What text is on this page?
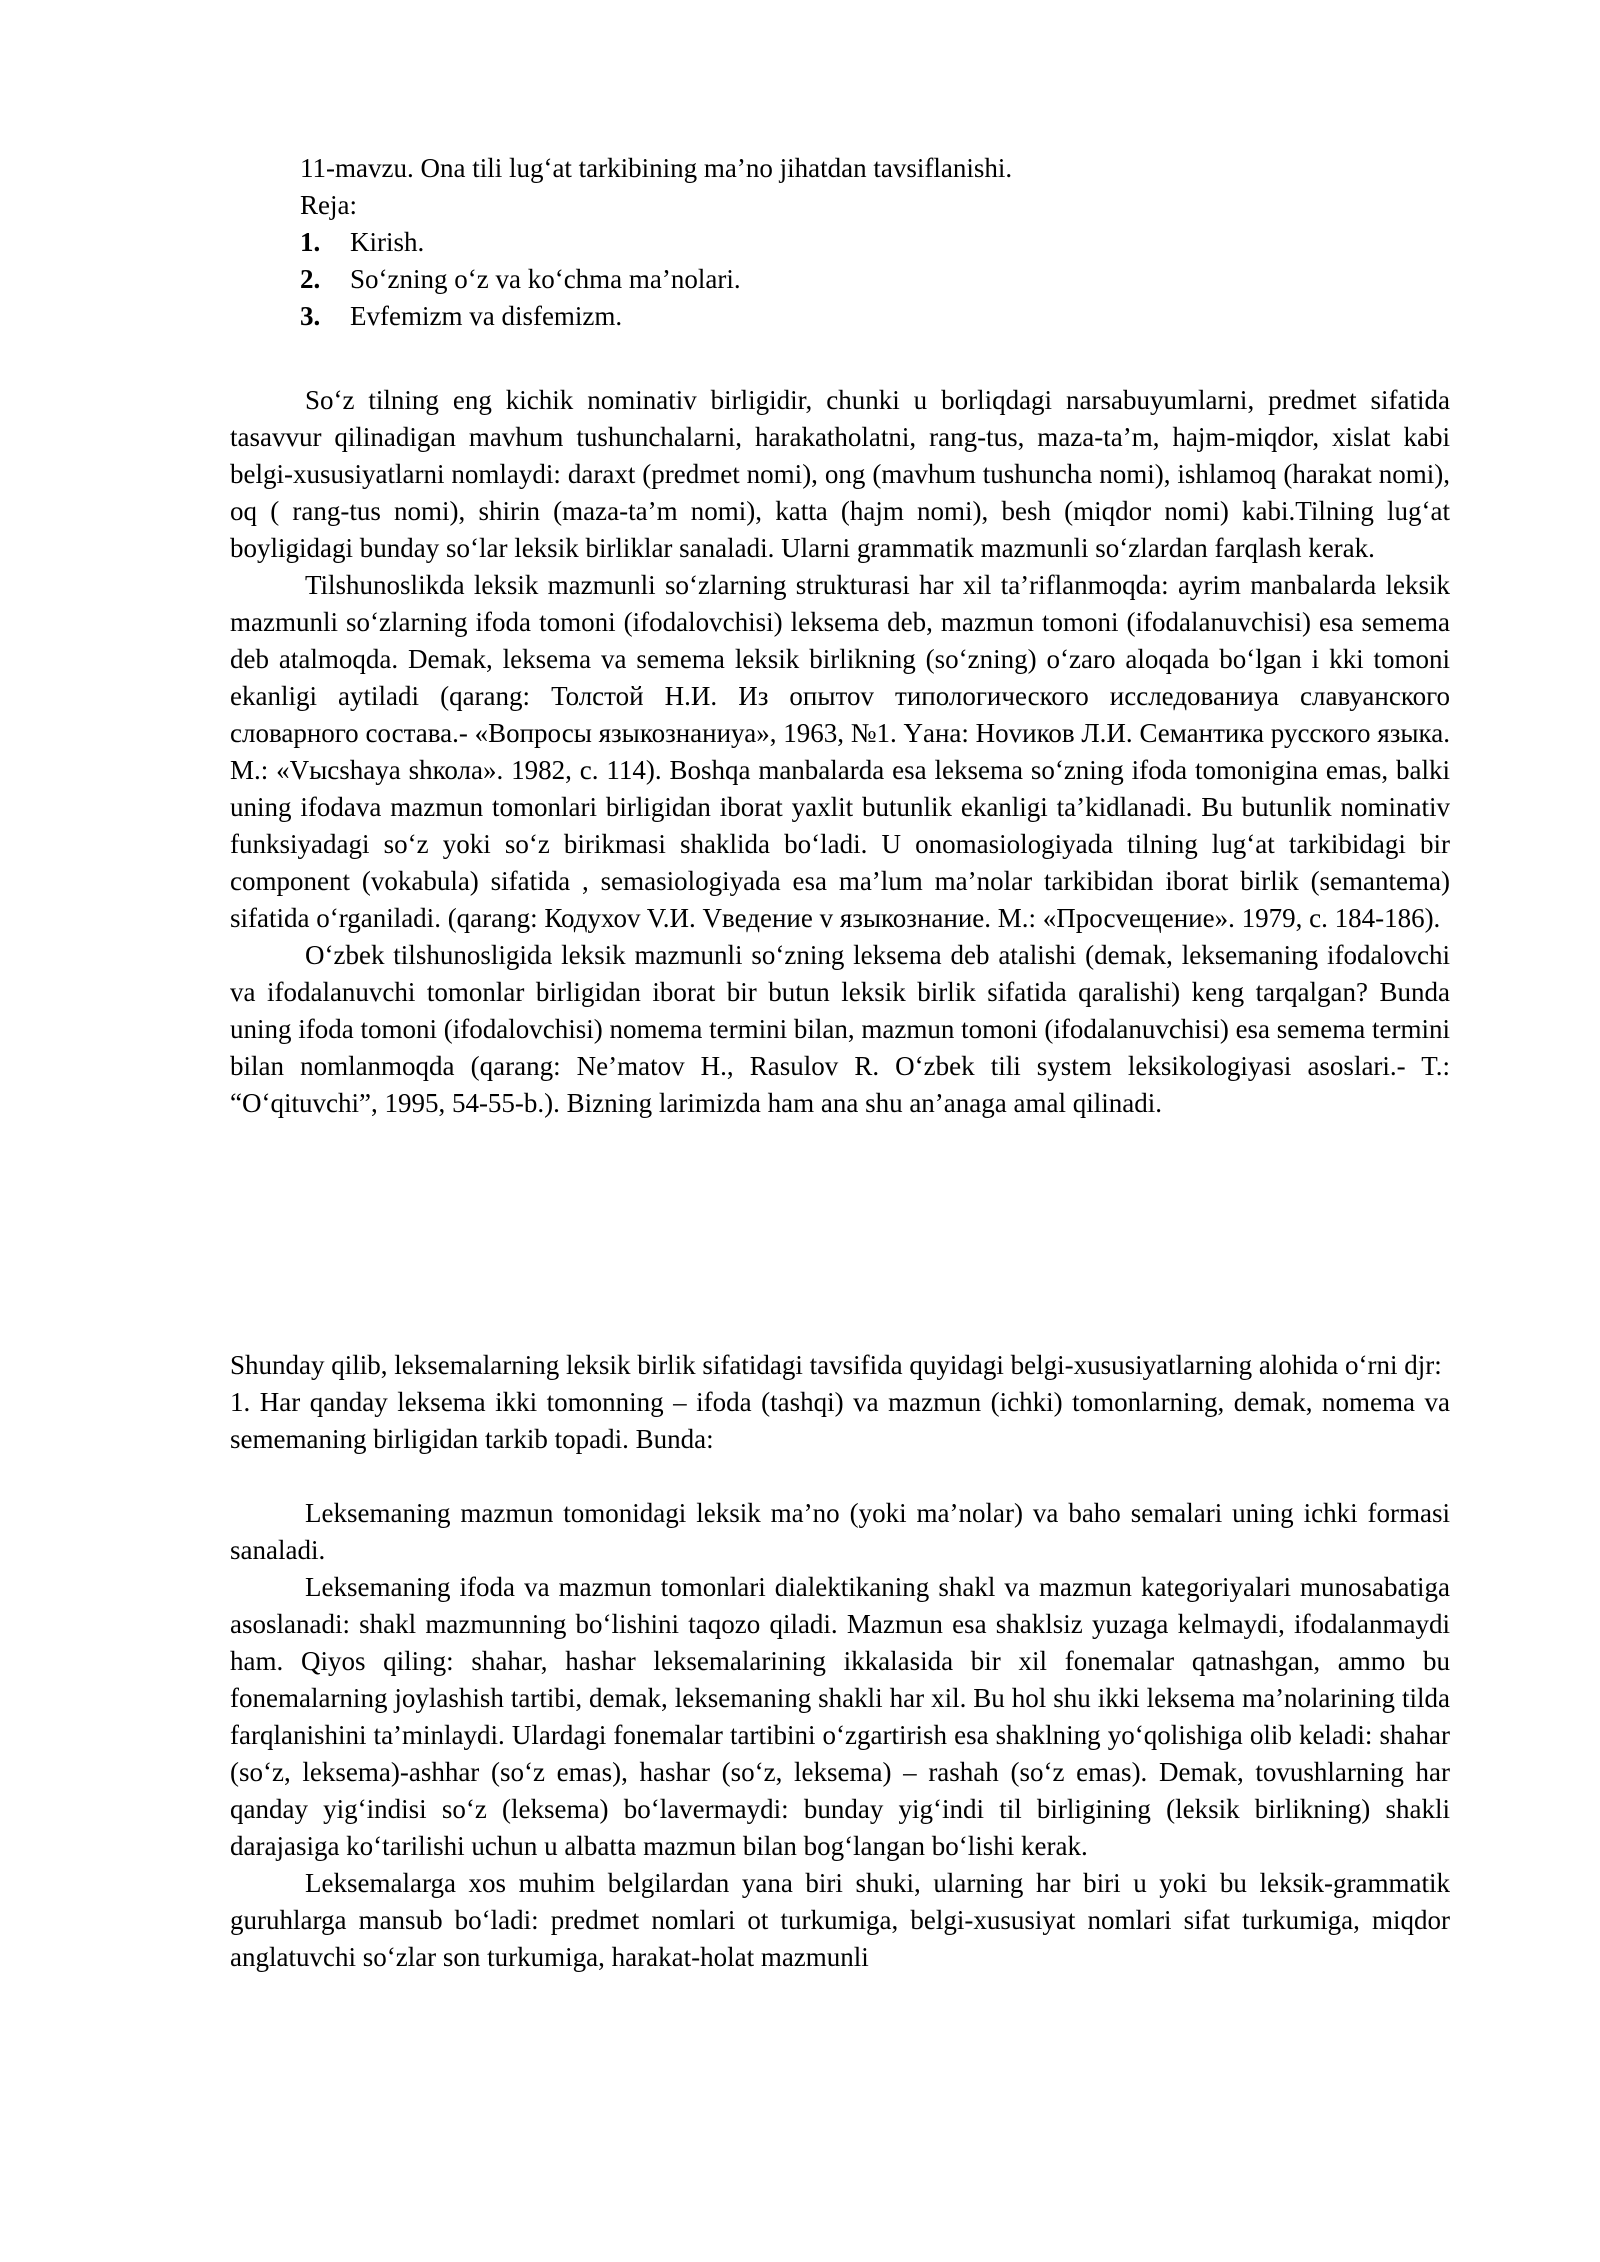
11-mavzu. Ona tili lug‘at tarkibining ma’no jihatdan tavsiflanishi.
Reja:
1. Kirish.
2. So‘zning o‘z va ko‘chma ma’nolari.
3. Evfemizm va disfemizm.

So‘z tilning eng kichik nominativ birligidir, chunki u borliqdagi narsabuyumlarni, predmet sifatida tasavvur qilinadigan mavhum tushunchalarni, harakatholatni, rang-tus, maza-ta’m, hajm-miqdor, xislat kabi belgi-xususiyatlarni nomlaydi: daraxt (predmet nomi), ong (mavhum tushuncha nomi), ishlamoq (harakat nomi), oq ( rang-tus nomi), shirin (maza-ta’m nomi), katta (hajm nomi), besh (miqdor nomi) kabi.Tilning lug‘at boyligidagi bunday so‘lar leksik birliklar sanaladi. Ularni grammatik mazmunli so‘zlardan farqlash kerak.

Tilshunoslikda leksik mazmunli so‘zlarning strukturasi har xil ta’riflanmoqda: ayrim manbalarda leksik mazmunli so‘zlarning ifoda tomoni (ifodalovchisi) leksema deb, mazmun tomoni (ifodalanuvchisi) esa semema deb atalmoqda. Demak, leksema va semema leksik birlikning (so‘zning) o‘zaro aloqada bo‘lgan i kki tomoni ekanligi aytiladi (qarang: Толстой Н.И. Из опытоv типологического исследованиуа славуанского словарного состава.- «Вопросы языкознаниуа», 1963, №1. Yана: Ноvиков Л.И. Семантика русского языка. М.: «Vысshaya shкола». 1982, с. 114). Boshqa manbalarda esa leksema so‘zning ifoda tomonigina emas, balki uning ifodava mazmun tomonlari birligidan iborat yaxlit butunlik ekanligi ta’kidlanadi. Bu butunlik nominativ funksiyadagi so‘z yoki so‘z birikmasi shaklida bo‘ladi. U onomasiologiyada tilning lug‘at tarkibidagi bir component (vokabula) sifatida , semasiologiyada esa ma’lum ma’nolar tarkibidan iborat birlik (semantema) sifatida o‘rganiladi. (qarang: Кодухоv V.И. Vведение v языкознание. М.: «Просvещение». 1979, с. 184-186).

O‘zbek tilshunosligida leksik mazmunli so‘zning leksema deb atalishi (demak, leksemaning ifodalovchi va ifodalanuvchi tomonlar birligidan iborat bir butun leksik birlik sifatida qaralishi) keng tarqalgan? Bunda uning ifoda tomoni (ifodalovchisi) nomema termini bilan, mazmun tomoni (ifodalanuvchisi) esa semema termini bilan nomlanmoqda (qarang: Ne’matov H., Rasulov R. O‘zbek tili system leksikologiyasi asoslari.- T.: “O‘qituvchi”, 1995, 54-55-b.). Bizning larimizda ham ana shu an’anaga amal qilinadi.

Shunday qilib, leksemalarning leksik birlik sifatidagi tavsifida quyidagi belgi-xususiyatlarning alohida o‘rni djr:

1. Har qanday leksema ikki tomonning – ifoda (tashqi) va mazmun (ichki) tomonlarning, demak, nomema va sememaning birligidan tarkib topadi. Bunda:

Leksemaning mazmun tomonidagi leksik ma’no (yoki ma’nolar) va baho semalari uning ichki formasi sanaladi.

Leksemaning ifoda va mazmun tomonlari dialektikaning shakl va mazmun kategoriyalari munosabatiga asoslanadi: shakl mazmunning bo‘lishini taqozo qiladi. Mazmun esa shaklsiz yuzaga kelmaydi, ifodalanmaydi ham. Qiyos qiling: shahar, hashar leksemalarining ikkalasida bir xil fonemalar qatnashgan, ammo bu fonemalarning joylashish tartibi, demak, leksemaning shakli har xil. Bu hol shu ikki leksema ma’nolarining tilda farqlanishini ta’minlaydi. Ulardagi fonemalar tartibini o‘zgartirish esa shaklning yo‘qolishiga olib keladi: shahar (so‘z, leksema)-ashhar (so‘z emas), hashar (so‘z, leksema) – rashah (so‘z emas). Demak, tovushlarning har qanday yig‘indisi so‘z (leksema) bo‘lavermaydi: bunday yig‘indi til birligining (leksik birlikning) shakli darajasiga ko‘tarilishi uchun u albatta mazmun bilan bog‘langan bo‘lishi kerak.

Leksemalarga xos muhim belgilardan yana biri shuki, ularning har biri u yoki bu leksik-grammatik guruhlarga mansub bo‘ladi: predmet nomlari ot turkumiga, belgi-xususiyat nomlari sifat turkumiga, miqdor anglatuvchi so‘zlar son turkumiga, harakat-holat mazmunli
